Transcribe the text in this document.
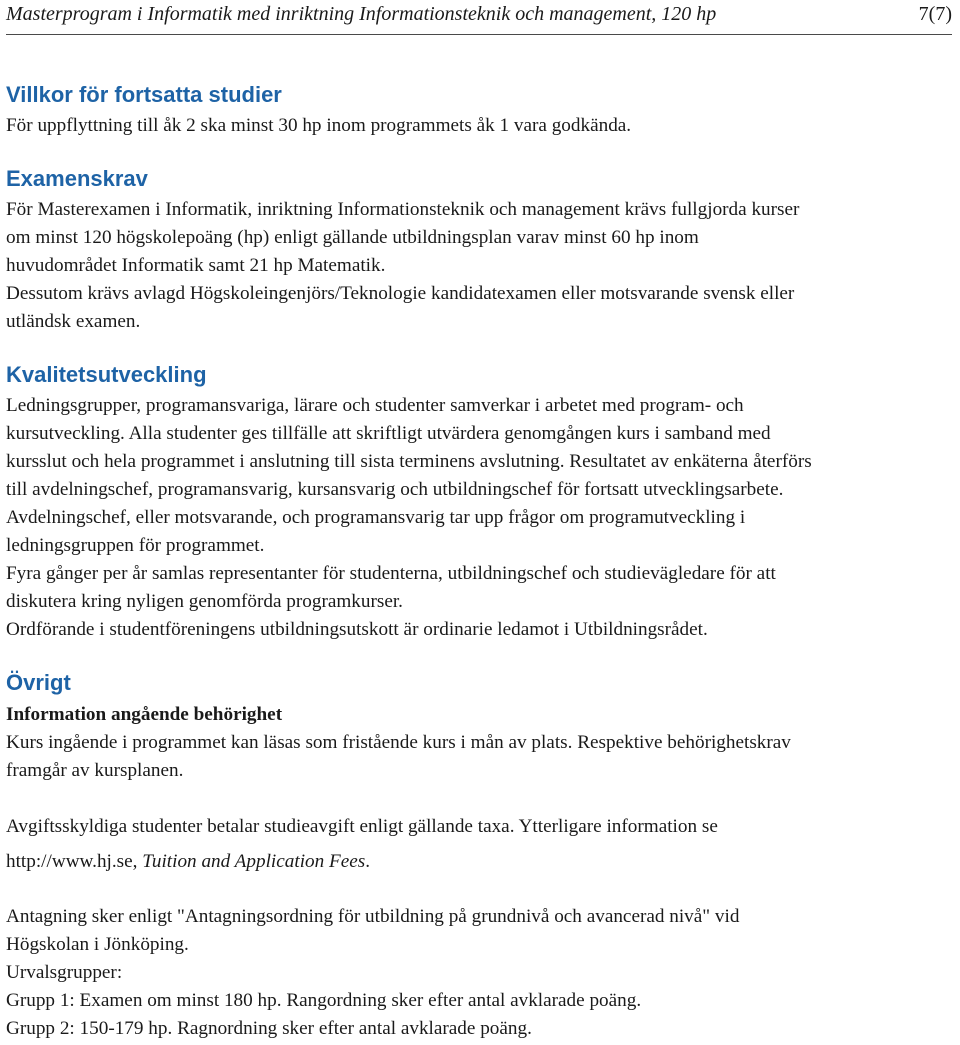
Masterprogram i Informatik med inriktning Informationsteknik och management, 120 hp	7(7)
Villkor för fortsatta studier
För uppflyttning till åk 2 ska minst 30 hp inom programmets åk 1 vara godkända.
Examenskrav
För Masterexamen i Informatik, inriktning Informationsteknik och management krävs fullgjorda kurser
om minst 120 högskolepoäng (hp) enligt gällande utbildningsplan varav minst 60 hp inom
huvudområdet Informatik samt 21 hp Matematik.
Dessutom krävs avlagd Högskoleingenjörs/Teknologie kandidatexamen eller motsvarande svensk eller
utländsk examen.
Kvalitetsutveckling
Ledningsgrupper, programansvariga, lärare och studenter samverkar i arbetet med program- och
kursutveckling. Alla studenter ges tillfälle att skriftligt utvärdera genomgången kurs i samband med
kursslut och hela programmet i anslutning till sista terminens avslutning. Resultatet av enkäterna återförs
till avdelningschef, programansvarig, kursansvarig och utbildningschef för fortsatt utvecklingsarbete.
Avdelningschef, eller motsvarande, och programansvarig tar upp frågor om programutveckling i
ledningsgruppen för programmet.
Fyra gånger per år samlas representanter för studenterna, utbildningschef och studievägledare för att
diskutera kring nyligen genomförda programkurser.
Ordförande i studentföreningens utbildningsutskott är ordinarie ledamot i Utbildningsrådet.
Övrigt
Information angående behörighet
Kurs ingående i programmet kan läsas som fristående kurs i mån av plats. Respektive behörighetskrav
framgår av kursplanen.
Avgiftsskyldiga studenter betalar studieavgift enligt gällande taxa. Ytterligare information se
http://www.hj.se, Tuition and Application Fees.
Antagning sker enligt "Antagningsordning för utbildning på grundnivå och avancerad nivå" vid
Högskolan i Jönköping.
Urvalsgrupper:
Grupp 1: Examen om minst 180 hp. Rangordning sker efter antal avklarade poäng.
Grupp 2: 150-179 hp. Ragnordning sker efter antal avklarade poäng.
